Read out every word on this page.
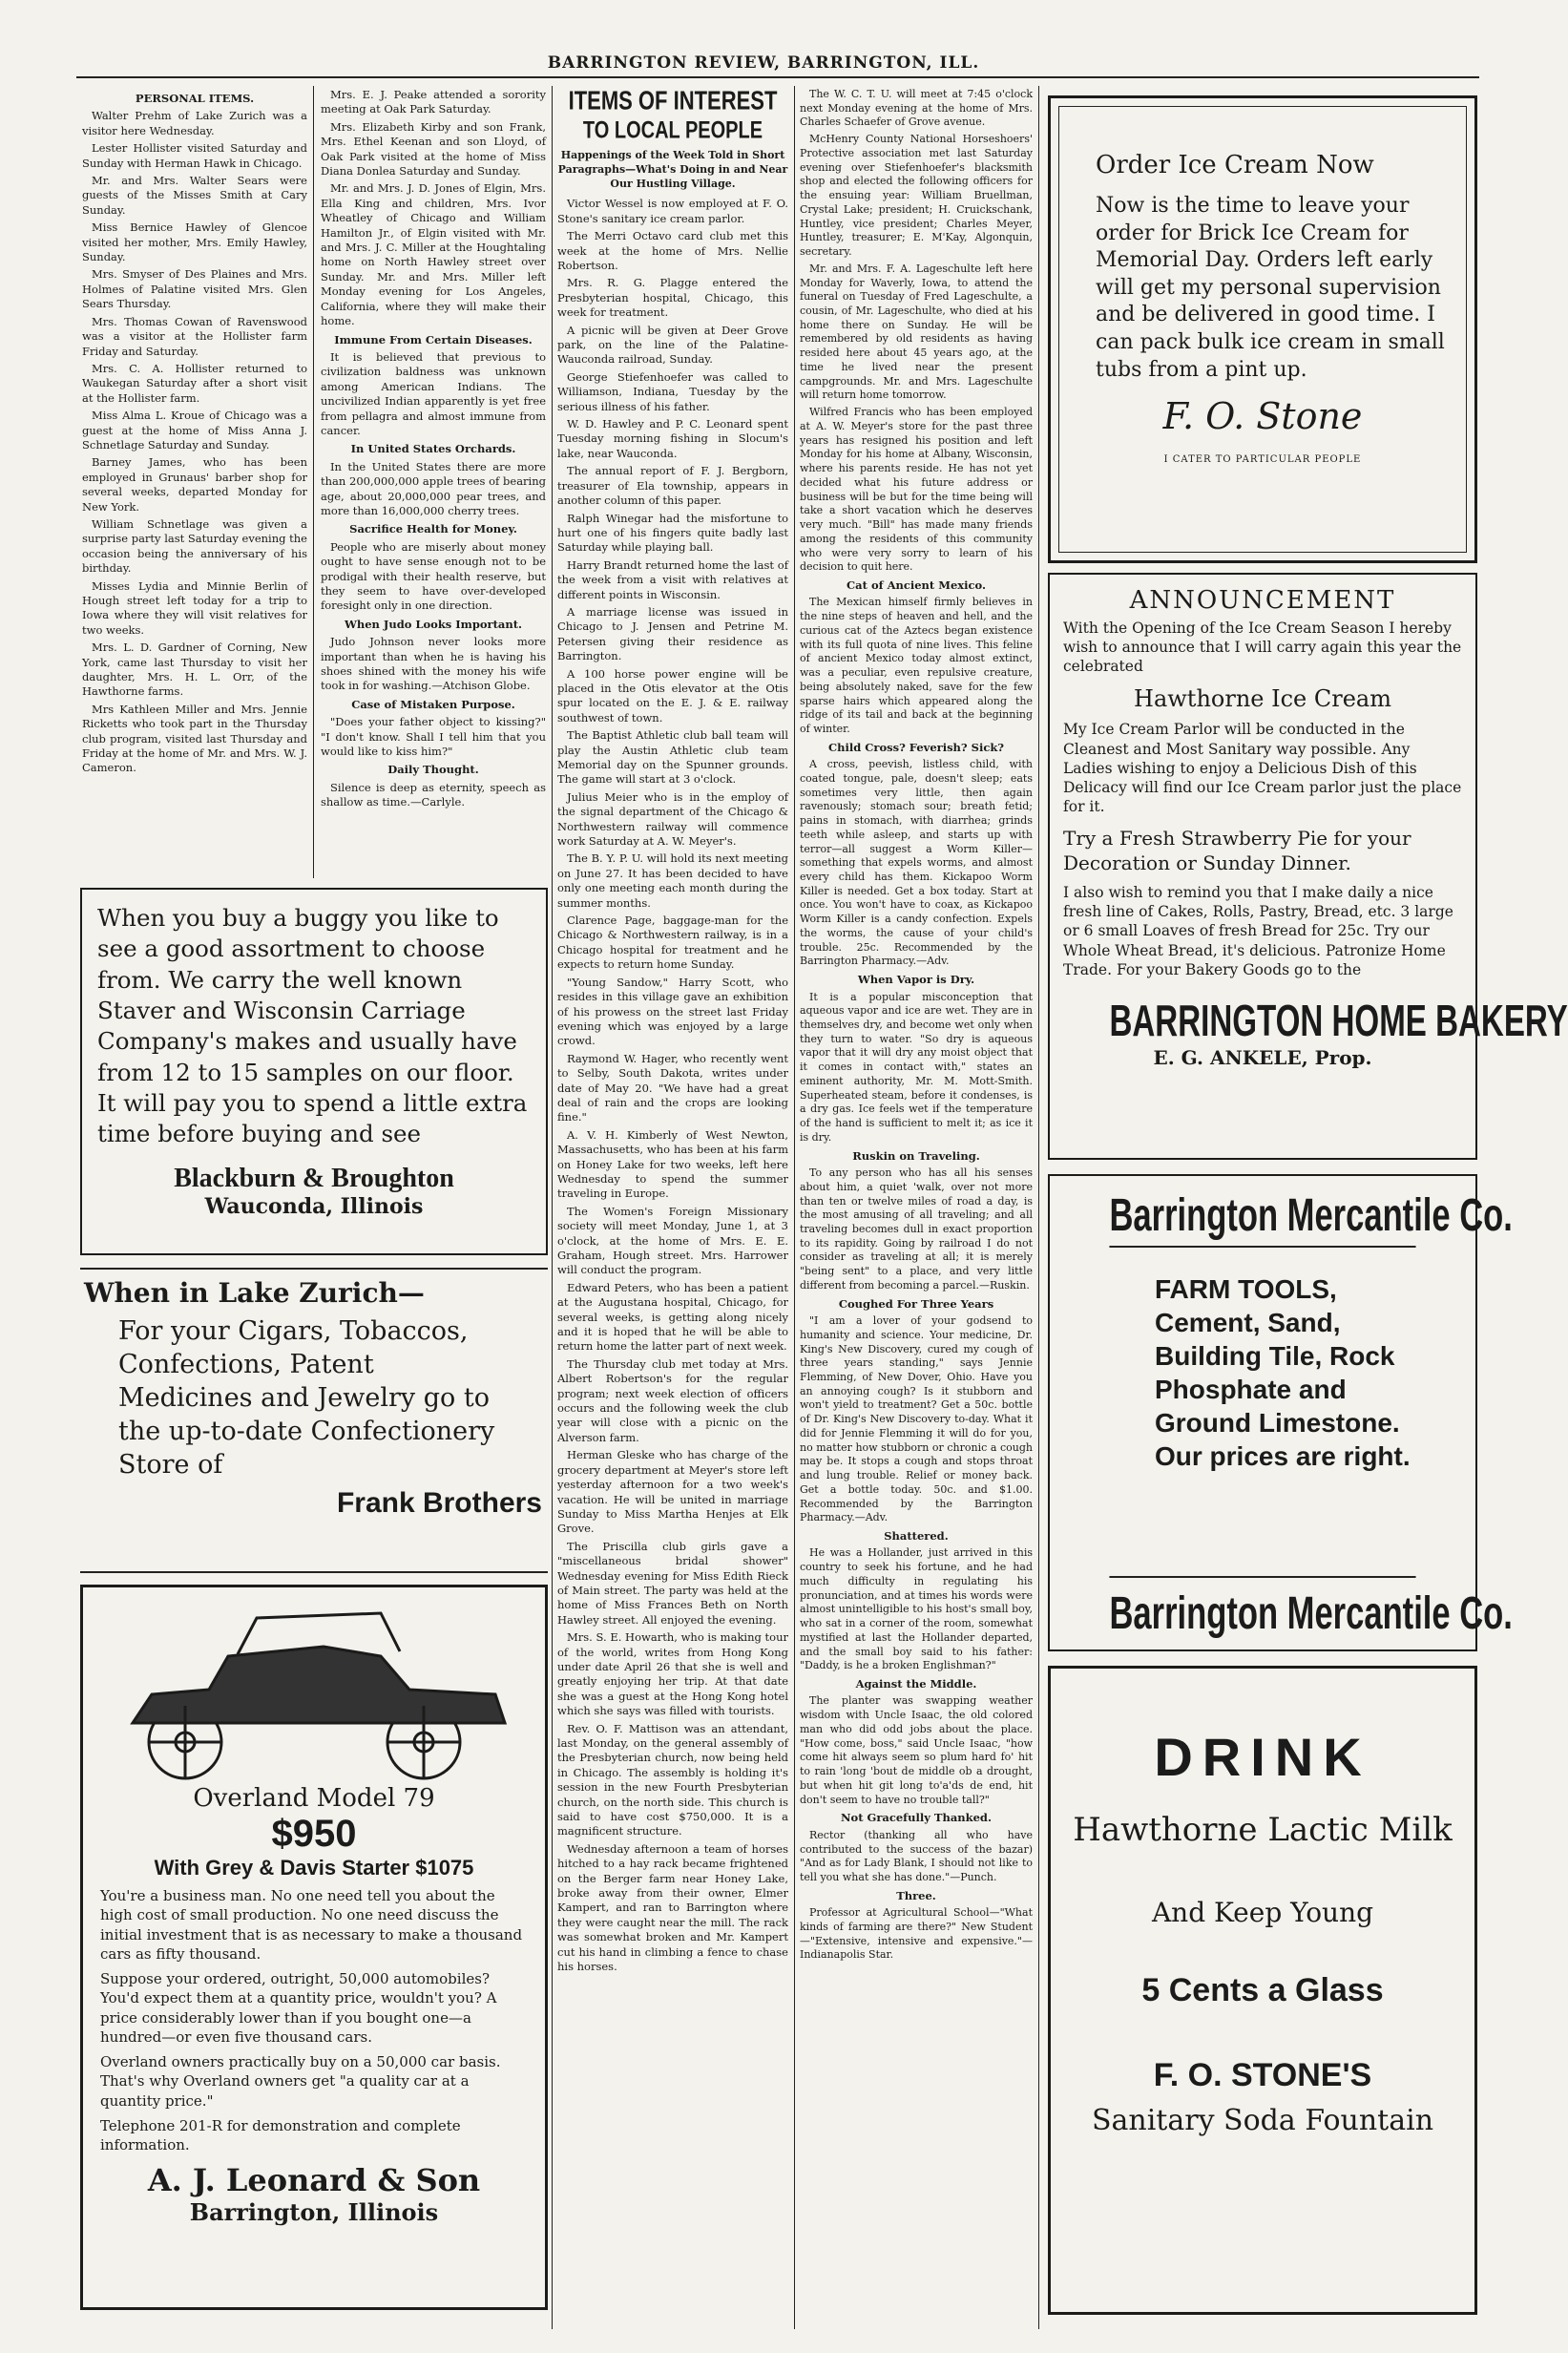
BARRINGTON REVIEW, BARRINGTON, ILL.
PERSONAL ITEMS.

Walter Prehm of Lake Zurich was a visitor here Wednesday.

Lester Hollister visited Saturday and Sunday with Herman Hawk in Chicago.

Mr. and Mrs. Walter Sears were guests of the Misses Smith at Cary Sunday.

Miss Bernice Hawley of Glencoe visited her mother, Mrs. Emily Hawley, Sunday.

Mrs. Smyser of Des Plaines and Mrs. Holmes of Palatine visited Mrs. Glen Sears Thursday.

Mrs. Thomas Cowan of Ravenswood was a visitor at the Hollister farm Friday and Saturday.

Mrs. C. A. Hollister returned to Waukegan Saturday after a short visit at the Hollister farm.

Miss Alma L. Kroue of Chicago was a guest at the home of Miss Anna J. Schnetlage Saturday and Sunday.

Barney James, who has been employed in Grunaus' barber shop for several weeks, departed Monday for New York.

William Schnetlage was given a surprise party last Saturday evening the occasion being the anniversary of his birthday.

Misses Lydia and Minnie Berlin of Hough street left today for a trip to Iowa where they will visit relatives for two weeks.

Mrs. L. D. Gardner of Corning, New York, came last Thursday to visit her daughter, Mrs. H. L. Orr, of the Hawthorne farms.

Mrs Kathleen Miller and Mrs. Jennie Ricketts who took part in the Thursday club program, visited last Thursday and Friday at the home of Mr. and Mrs. W. J. Cameron.

Mrs. E. J. Peake attended a sorority meeting at Oak Park Saturday.

Mrs. Elizabeth Kirby and son Frank, Mrs. Ethel Keenan and son Lloyd, of Oak Park visited at the home of Miss Diana Donlea Saturday and Sunday.

Mr. and Mrs. J. D. Jones of Elgin, Mrs. Ella King and children, Mrs. Ivor Wheatley of Chicago and William Hamilton Jr., of Elgin visited with Mr. and Mrs. J. C. Miller at the Houghtaling home on North Hawley street over Sunday. Mr. and Mrs. Miller left Monday evening for Los Angeles, California, where they will make their home.

Immune From Certain Diseases.

It is believed that previous to civilization baldness was unknown among American Indians. The uncivilized Indian apparently is yet free from pellagra and almost immune from cancer.

In United States Orchards.

In the United States there are more than 200,000,000 apple trees of bearing age, about 20,000,000 pear trees, and more than 16,000,000 cherry trees.

Sacrifice Health for Money.

People who are miserly about money ought to have sense enough not to be prodigal with their health reserve, but they seem to have over-developed foresight only in one direction.

When Judo Looks Important.

Judo Johnson never looks more important than when he is having his shoes shined with the money his wife took in for washing.—Atchison Globe.

Case of Mistaken Purpose.

"Does your father object to kissing?" "I don't know. Shall I tell him that you would like to kiss him?"

Daily Thought.

Silence is deep as eternity, speech as shallow as time.—Carlyle.

When you buy a buggy you like to see a good assortment to choose from. We carry the well known Staver and Wisconsin Carriage Company's makes and usually have from 12 to 15 samples on our floor. It will pay you to spend a little extra time before buying and see
Blackburn & Broughton
Wauconda, Illinois
When in Lake Zurich—
For your Cigars, Tobaccos, Confections, Patent Medicines and Jewelry go to the up-to-date Confectionery Store of
Frank Brothers
Overland Model 79
$950
With Grey & Davis Starter $1075
You're a business man. No one need tell you about the high cost of small production. No one need discuss the initial investment that is as necessary to make a thousand cars as fifty thousand.
Suppose your ordered, outright, 50,000 automobiles? You'd expect them at a quantity price, wouldn't you? A price considerably lower than if you bought one—a hundred—or even five thousand cars.
Overland owners practically buy on a 50,000 car basis. That's why Overland owners get "a quality car at a quantity price."
Telephone 201-R for demonstration and complete information.
A. J. Leonard & Son
Barrington, Illinois
ITEMS OF INTEREST
TO LOCAL PEOPLE
Happenings of the Week Told in Short Paragraphs—What's Doing in and Near Our Hustling Village.

Victor Wessel is now employed at F. O. Stone's sanitary ice cream parlor.

The Merri Octavo card club met this week at the home of Mrs. Nellie Robertson.

Mrs. R. G. Plagge entered the Presbyterian hospital, Chicago, this week for treatment.

A picnic will be given at Deer Grove park, on the line of the Palatine-Wauconda railroad, Sunday.

George Stiefenhoefer was called to Williamson, Indiana, Tuesday by the serious illness of his father.

W. D. Hawley and P. C. Leonard spent Tuesday morning fishing in Slocum's lake, near Wauconda.

The annual report of F. J. Bergborn, treasurer of Ela township, appears in another column of this paper.

Ralph Winegar had the misfortune to hurt one of his fingers quite badly last Saturday while playing ball.

Harry Brandt returned home the last of the week from a visit with relatives at different points in Wisconsin.

A marriage license was issued in Chicago to J. Jensen and Petrine M. Petersen giving their residence as Barrington.

A 100 horse power engine will be placed in the Otis elevator at the Otis spur located on the E. J. & E. railway southwest of town.

The Baptist Athletic club ball team will play the Austin Athletic club team Memorial day on the Spunner grounds. The game will start at 3 o'clock.

Julius Meier who is in the employ of the signal department of the Chicago & Northwestern railway will commence work Saturday at A. W. Meyer's.

The B. Y. P. U. will hold its next meeting on June 27. It has been decided to have only one meeting each month during the summer months.

Clarence Page, baggage-man for the Chicago & Northwestern railway, is in a Chicago hospital for treatment and he expects to return home Sunday.

"Young Sandow," Harry Scott, who resides in this village gave an exhibition of his prowess on the street last Friday evening which was enjoyed by a large crowd.

Raymond W. Hager, who recently went to Selby, South Dakota, writes under date of May 20. "We have had a great deal of rain and the crops are looking fine."

A. V. H. Kimberly of West Newton, Massachusetts, who has been at his farm on Honey Lake for two weeks, left here Wednesday to spend the summer traveling in Europe.

The Women's Foreign Missionary society will meet Monday, June 1, at 3 o'clock, at the home of Mrs. E. E. Graham, Hough street. Mrs. Harrower will conduct the program.

Edward Peters, who has been a patient at the Augustana hospital, Chicago, for several weeks, is getting along nicely and it is hoped that he will be able to return home the latter part of next week.

The Thursday club met today at Mrs. Albert Robertson's for the regular program; next week election of officers occurs and the following week the club year will close with a picnic on the Alverson farm.

Herman Gleske who has charge of the grocery department at Meyer's store left yesterday afternoon for a two week's vacation. He will be united in marriage Sunday to Miss Martha Henjes at Elk Grove.

The Priscilla club girls gave a "miscellaneous bridal shower" Wednesday evening for Miss Edith Rieck of Main street. The party was held at the home of Miss Frances Beth on North Hawley street. All enjoyed the evening.

Mrs. S. E. Howarth, who is making tour of the world, writes from Hong Kong under date April 26 that she is well and greatly enjoying her trip. At that date she was a guest at the Hong Kong hotel which she says was filled with tourists.

Rev. O. F. Mattison was an attendant, last Monday, on the general assembly of the Presbyterian church, now being held in Chicago. The assembly is holding it's session in the new Fourth Presbyterian church, on the north side. This church is said to have cost $750,000. It is a magnificent structure.

Wednesday afternoon a team of horses hitched to a hay rack became frightened on the Berger farm near Honey Lake, broke away from their owner, Elmer Kampert, and ran to Barrington where they were caught near the mill. The rack was somewhat broken and Mr. Kampert cut his hand in climbing a fence to chase his horses.

The W. C. T. U. will meet at 7:45 o'clock next Monday evening at the home of Mrs. Charles Schaefer of Grove avenue.

McHenry County National Horseshoers' Protective association met last Saturday evening over Stiefenhoefer's blacksmith shop and elected the following officers for the ensuing year: William Bruellman, Crystal Lake; president; H. Cruickschank, Huntley, vice president; Charles Meyer, Huntley, treasurer; E. M'Kay, Algonquin, secretary.

Mr. and Mrs. F. A. Lageschulte left here Monday for Waverly, Iowa, to attend the funeral on Tuesday of Fred Lageschulte, a cousin, of Mr. Lageschulte, who died at his home there on Sunday. He will be remembered by old residents as having resided here about 45 years ago, at the time he lived near the present campgrounds. Mr. and Mrs. Lageschulte will return home tomorrow.

Wilfred Francis who has been employed at A. W. Meyer's store for the past three years has resigned his position and left Monday for his home at Albany, Wisconsin, where his parents reside. He has not yet decided what his future address or business will be but for the time being will take a short vacation which he deserves very much. "Bill" has made many friends among the residents of this community who were very sorry to learn of his decision to quit here.

Cat of Ancient Mexico.

The Mexican himself firmly believes in the nine steps of heaven and hell, and the curious cat of the Aztecs began existence with its full quota of nine lives. This feline of ancient Mexico today almost extinct, was a peculiar, even repulsive creature, being absolutely naked, save for the few sparse hairs which appeared along the ridge of its tail and back at the beginning of winter.

Child Cross? Feverish? Sick?

A cross, peevish, listless child, with coated tongue, pale, doesn't sleep; eats sometimes very little, then again ravenously; stomach sour; breath fetid; pains in stomach, with diarrhea; grinds teeth while asleep, and starts up with terror—all suggest a Worm Killer—something that expels worms, and almost every child has them. Kickapoo Worm Killer is needed. Get a box today. Start at once. You won't have to coax, as Kickapoo Worm Killer is a candy confection. Expels the worms, the cause of your child's trouble. 25c. Recommended by the Barrington Pharmacy.—Adv.

When Vapor is Dry.

It is a popular misconception that aqueous vapor and ice are wet. They are in themselves dry, and become wet only when they turn to water. "So dry is aqueous vapor that it will dry any moist object that it comes in contact with," states an eminent authority, Mr. M. Mott-Smith. Superheated steam, before it condenses, is a dry gas. Ice feels wet if the temperature of the hand is sufficient to melt it; as ice it is dry.

Ruskin on Traveling.

To any person who has all his senses about him, a quiet 'walk, over not more than ten or twelve miles of road a day, is the most amusing of all traveling; and all traveling becomes dull in exact proportion to its rapidity. Going by railroad I do not consider as traveling at all; it is merely "being sent" to a place, and very little different from becoming a parcel.—Ruskin.

Coughed For Three Years

"I am a lover of your godsend to humanity and science. Your medicine, Dr. King's New Discovery, cured my cough of three years standing," says Jennie Flemming, of New Dover, Ohio. Have you an annoying cough? Is it stubborn and won't yield to treatment? Get a 50c. bottle of Dr. King's New Discovery to-day. What it did for Jennie Flemming it will do for you, no matter how stubborn or chronic a cough may be. It stops a cough and stops throat and lung trouble. Relief or money back. Get a bottle today. 50c. and $1.00. Recommended by the Barrington Pharmacy.—Adv.

Shattered.

He was a Hollander, just arrived in this country to seek his fortune, and he had much difficulty in regulating his pronunciation, and at times his words were almost unintelligible to his host's small boy, who sat in a corner of the room, somewhat mystified at last the Hollander departed, and the small boy said to his father: "Daddy, is he a broken Englishman?"

Against the Middle.

The planter was swapping weather wisdom with Uncle Isaac, the old colored man who did odd jobs about the place. "How come, boss," said Uncle Isaac, "how come hit always seem so plum hard fo' hit to rain 'long 'bout de middle ob a drought, but when hit git long to'a'ds de end, hit don't seem to have no trouble tall?"

Not Gracefully Thanked.

Rector (thanking all who have contributed to the success of the bazar) "And as for Lady Blank, I should not like to tell you what she has done."—Punch.

Three.

Professor at Agricultural School—"What kinds of farming are there?" New Student—"Extensive, intensive and expensive."—Indianapolis Star.

Order Ice Cream Now
Now is the time to leave your order for Brick Ice Cream for Memorial Day. Orders left early will get my personal supervision and be delivered in good time. I can pack bulk ice cream in small tubs from a pint up.
F. O. Stone
I CATER TO PARTICULAR PEOPLE
ANNOUNCEMENT
With the Opening of the Ice Cream Season I hereby wish to announce that I will carry again this year the celebrated
Hawthorne Ice Cream
My Ice Cream Parlor will be conducted in the Cleanest and Most Sanitary way possible. Any Ladies wishing to enjoy a Delicious Dish of this Delicacy will find our Ice Cream parlor just the place for it.
Try a Fresh Strawberry Pie for your Decoration or Sunday Dinner.
I also wish to remind you that I make daily a nice fresh line of Cakes, Rolls, Pastry, Bread, etc. 3 large or 6 small Loaves of fresh Bread for 25c. Try our Whole Wheat Bread, it's delicious. Patronize Home Trade. For your Bakery Goods go to the
BARRINGTON HOME BAKERY
E. G. ANKELE, Prop.
Barrington Mercantile Co.
FARM TOOLS, Cement, Sand, Building Tile, Rock Phosphate and Ground Limestone. Our prices are right.
Barrington Mercantile Co.
DRINK
Hawthorne Lactic Milk
And Keep Young
5 Cents a Glass
F. O. STONE'S
Sanitary Soda Fountain
